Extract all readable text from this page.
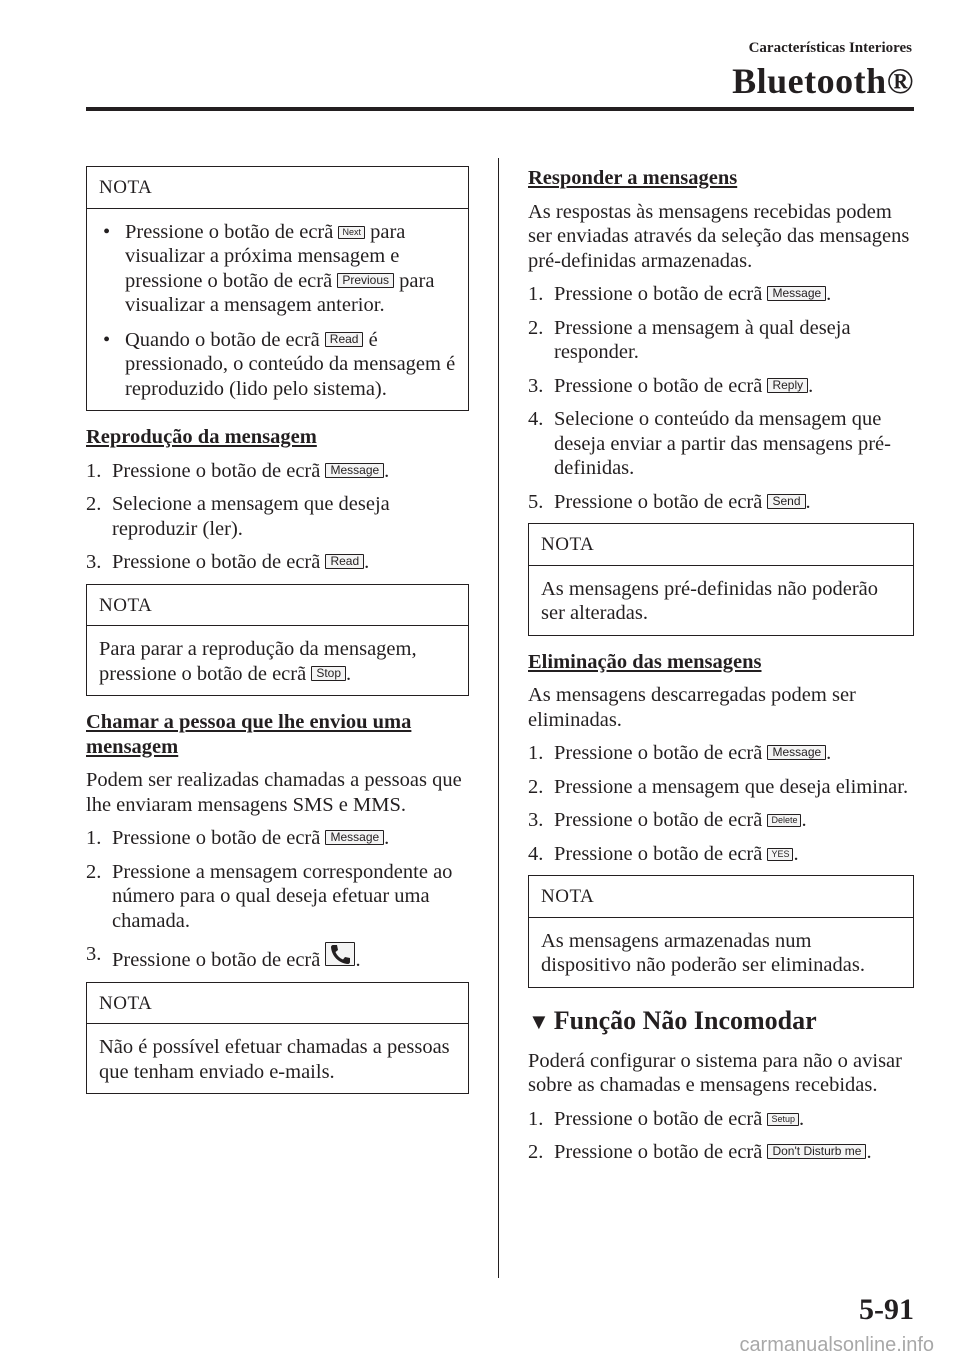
Características Interiores
Bluetooth®
NOTA
• Pressione o botão de ecrã Next para visualizar a próxima mensagem e pressione o botão de ecrã Previous para visualizar a mensagem anterior.
• Quando o botão de ecrã Read é pressionado, o conteúdo da mensagem é reproduzido (lido pelo sistema).
Reprodução da mensagem
1. Pressione o botão de ecrã Message .
2. Selecione a mensagem que deseja reproduzir (ler).
3. Pressione o botão de ecrã Read .
NOTA

Para parar a reprodução da mensagem, pressione o botão de ecrã Stop .

Chamar a pessoa que lhe enviou uma mensagem

Podem ser realizadas chamadas a pessoas que lhe enviaram mensagens SMS e MMS.

1. Pressione o botão de ecrã Message .
2. Pressione a mensagem correspondente ao número para o qual deseja efetuar uma chamada.
3. Pressione o botão de ecrã .
NOTA

Não é possível efetuar chamadas a pessoas que tenham enviado e-mails.

Responder a mensagens

As respostas às mensagens recebidas podem ser enviadas através da seleção das mensagens pré-definidas armazenadas.

1. Pressione o botão de ecrã Message .
2. Pressione a mensagem à qual deseja responder.
3. Pressione o botão de ecrã Reply .
4. Selecione o conteúdo da mensagem que deseja enviar a partir das mensagens pré-definidas.
5. Pressione o botão de ecrã Send .
NOTA

As mensagens pré-definidas não poderão ser alteradas.

Eliminação das mensagens

As mensagens descarregadas podem ser eliminadas.

1. Pressione o botão de ecrã Message .
2. Pressione a mensagem que deseja eliminar.
3. Pressione o botão de ecrã Delete .
4. Pressione o botão de ecrã YES .
NOTA

As mensagens armazenadas num dispositivo não poderão ser eliminadas.

▼ Função Não Incomodar

Poderá configurar o sistema para não o avisar sobre as chamadas e mensagens recebidas.

1. Pressione o botão de ecrã Setup .
2. Pressione o botão de ecrã Don't Disturb me .
5-91
carmanualsonline.info
